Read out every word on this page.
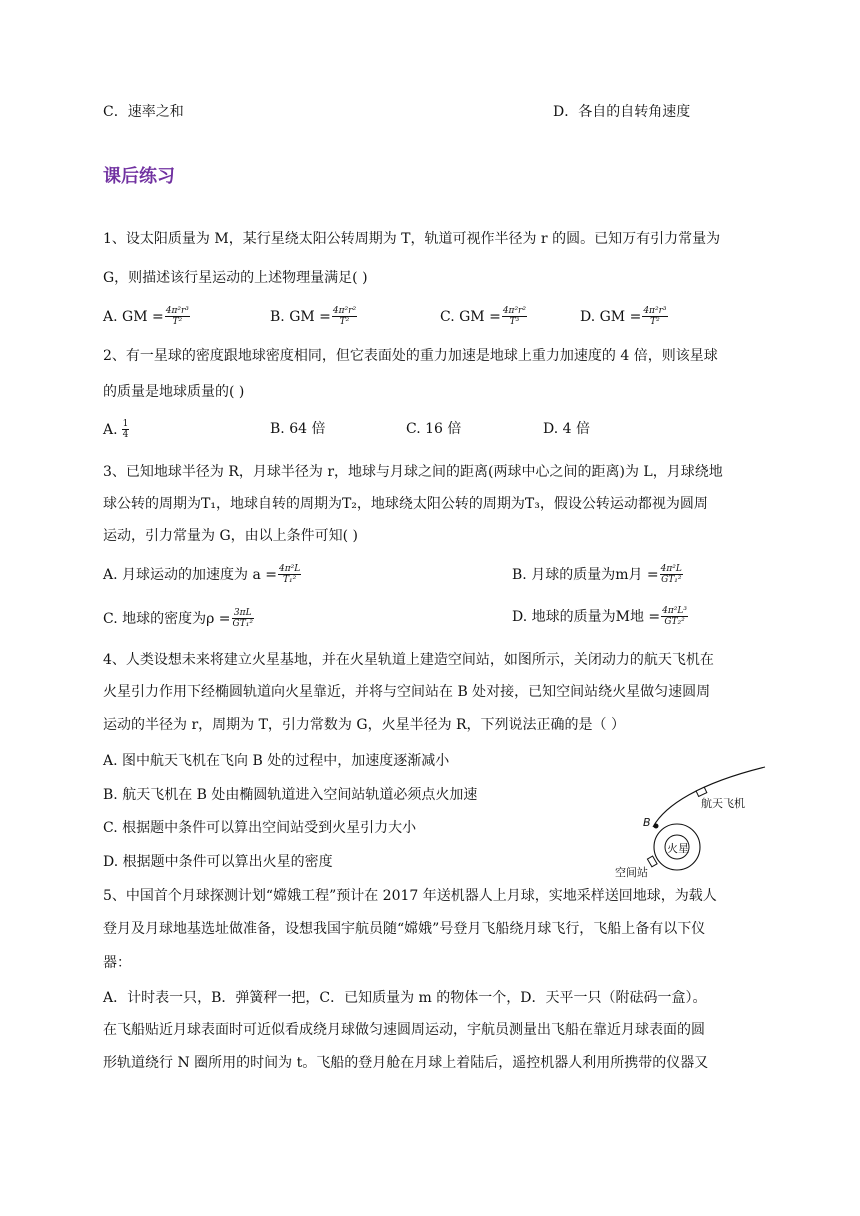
C．速率之和	D．各自的自转角速度
课后练习
1、设太阳质量为 M，某行星绕太阳公转周期为 T，轨道可视作半径为 r 的圆。已知万有引力常量为
G，则描述该行星运动的上述物理量满足( )
A. GM = $\frac{\text{4π²r³}}{\text{T²}}$	B. GM = $\frac{\text{4π²r²}}{\text{T²}}$	C. GM = $\frac{\text{4π²r²}}{\text{T³}}$	D. GM = $\frac{\text{4π²r³}}{\text{T²}}$
2、有一星球的密度跟地球密度相同，但它表面处的重力加速是地球上重力加速度的 4 倍，则该星球
的质量是地球质量的( )
A. $\frac{1}{4}$	B. 64 倍	C. 16 倍	D. 4 倍
3、已知地球半径为 R，月球半径为 r，地球与月球之间的距离(两球中心之间的距离)为 L，月球绕地
球公转的周期为T₁，地球自转的周期为T₂，地球绕太阳公转的周期为T₃，假设公转运动都视为圆周
运动，引力常量为 G，由以上条件可知( )
A. 月球运动的加速度为 $a = \frac{\text{4π²L}}{\text{T₁²}}$	B. 月球的质量为m月 = $\frac{\text{4π²L}}{\text{GT₁²}}$
C. 地球的密度为$\rho = \frac{3\pi L}{\text{GT₁²}}$	D. 地球的质量为M地 = $\frac{\text{4π²L³}}{\text{GT₂²}}$
4、人类设想未来将建立火星基地，并在火星轨道上建造空间站，如图所示，关闭动力的航天飞机在
火星引力作用下经椭圆轨道向火星靠近，并将与空间站在 B 处对接，已知空间站绕火星做匀速圆周
运动的半径为 r，周期为 T，引力常数为 G，火星半径为 R，下列说法正确的是（ ）
A. 图中航天飞机在飞向 B 处的过程中，加速度逐渐减小
B. 航天飞机在 B 处由椭圆轨道进入空间站轨道必须点火加速
C. 根据题中条件可以算出空间站受到火星引力大小
D. 根据题中条件可以算出火星的密度
航天飞机
B
火星
空间站
5、中国首个月球探测计划“嫦娥工程”预计在 2017 年送机器人上月球，实地采样送回地球，为载人
登月及月球地基选址做准备，设想我国宇航员随“嫦娥”号登月飞船绕月球飞行，飞船上备有以下仪
器：
A．计时表一只，B．弹簧秤一把，C．已知质量为 m 的物体一个，D．天平一只（附砝码一盒）。
在飞船贴近月球表面时可近似看成绕月球做匀速圆周运动，宇航员测量出飞船在靠近月球表面的圆
形轨道绕行 N 圈所用的时间为 t。飞船的登月舱在月球上着陆后，遥控机器人利用所携带的仪器又
